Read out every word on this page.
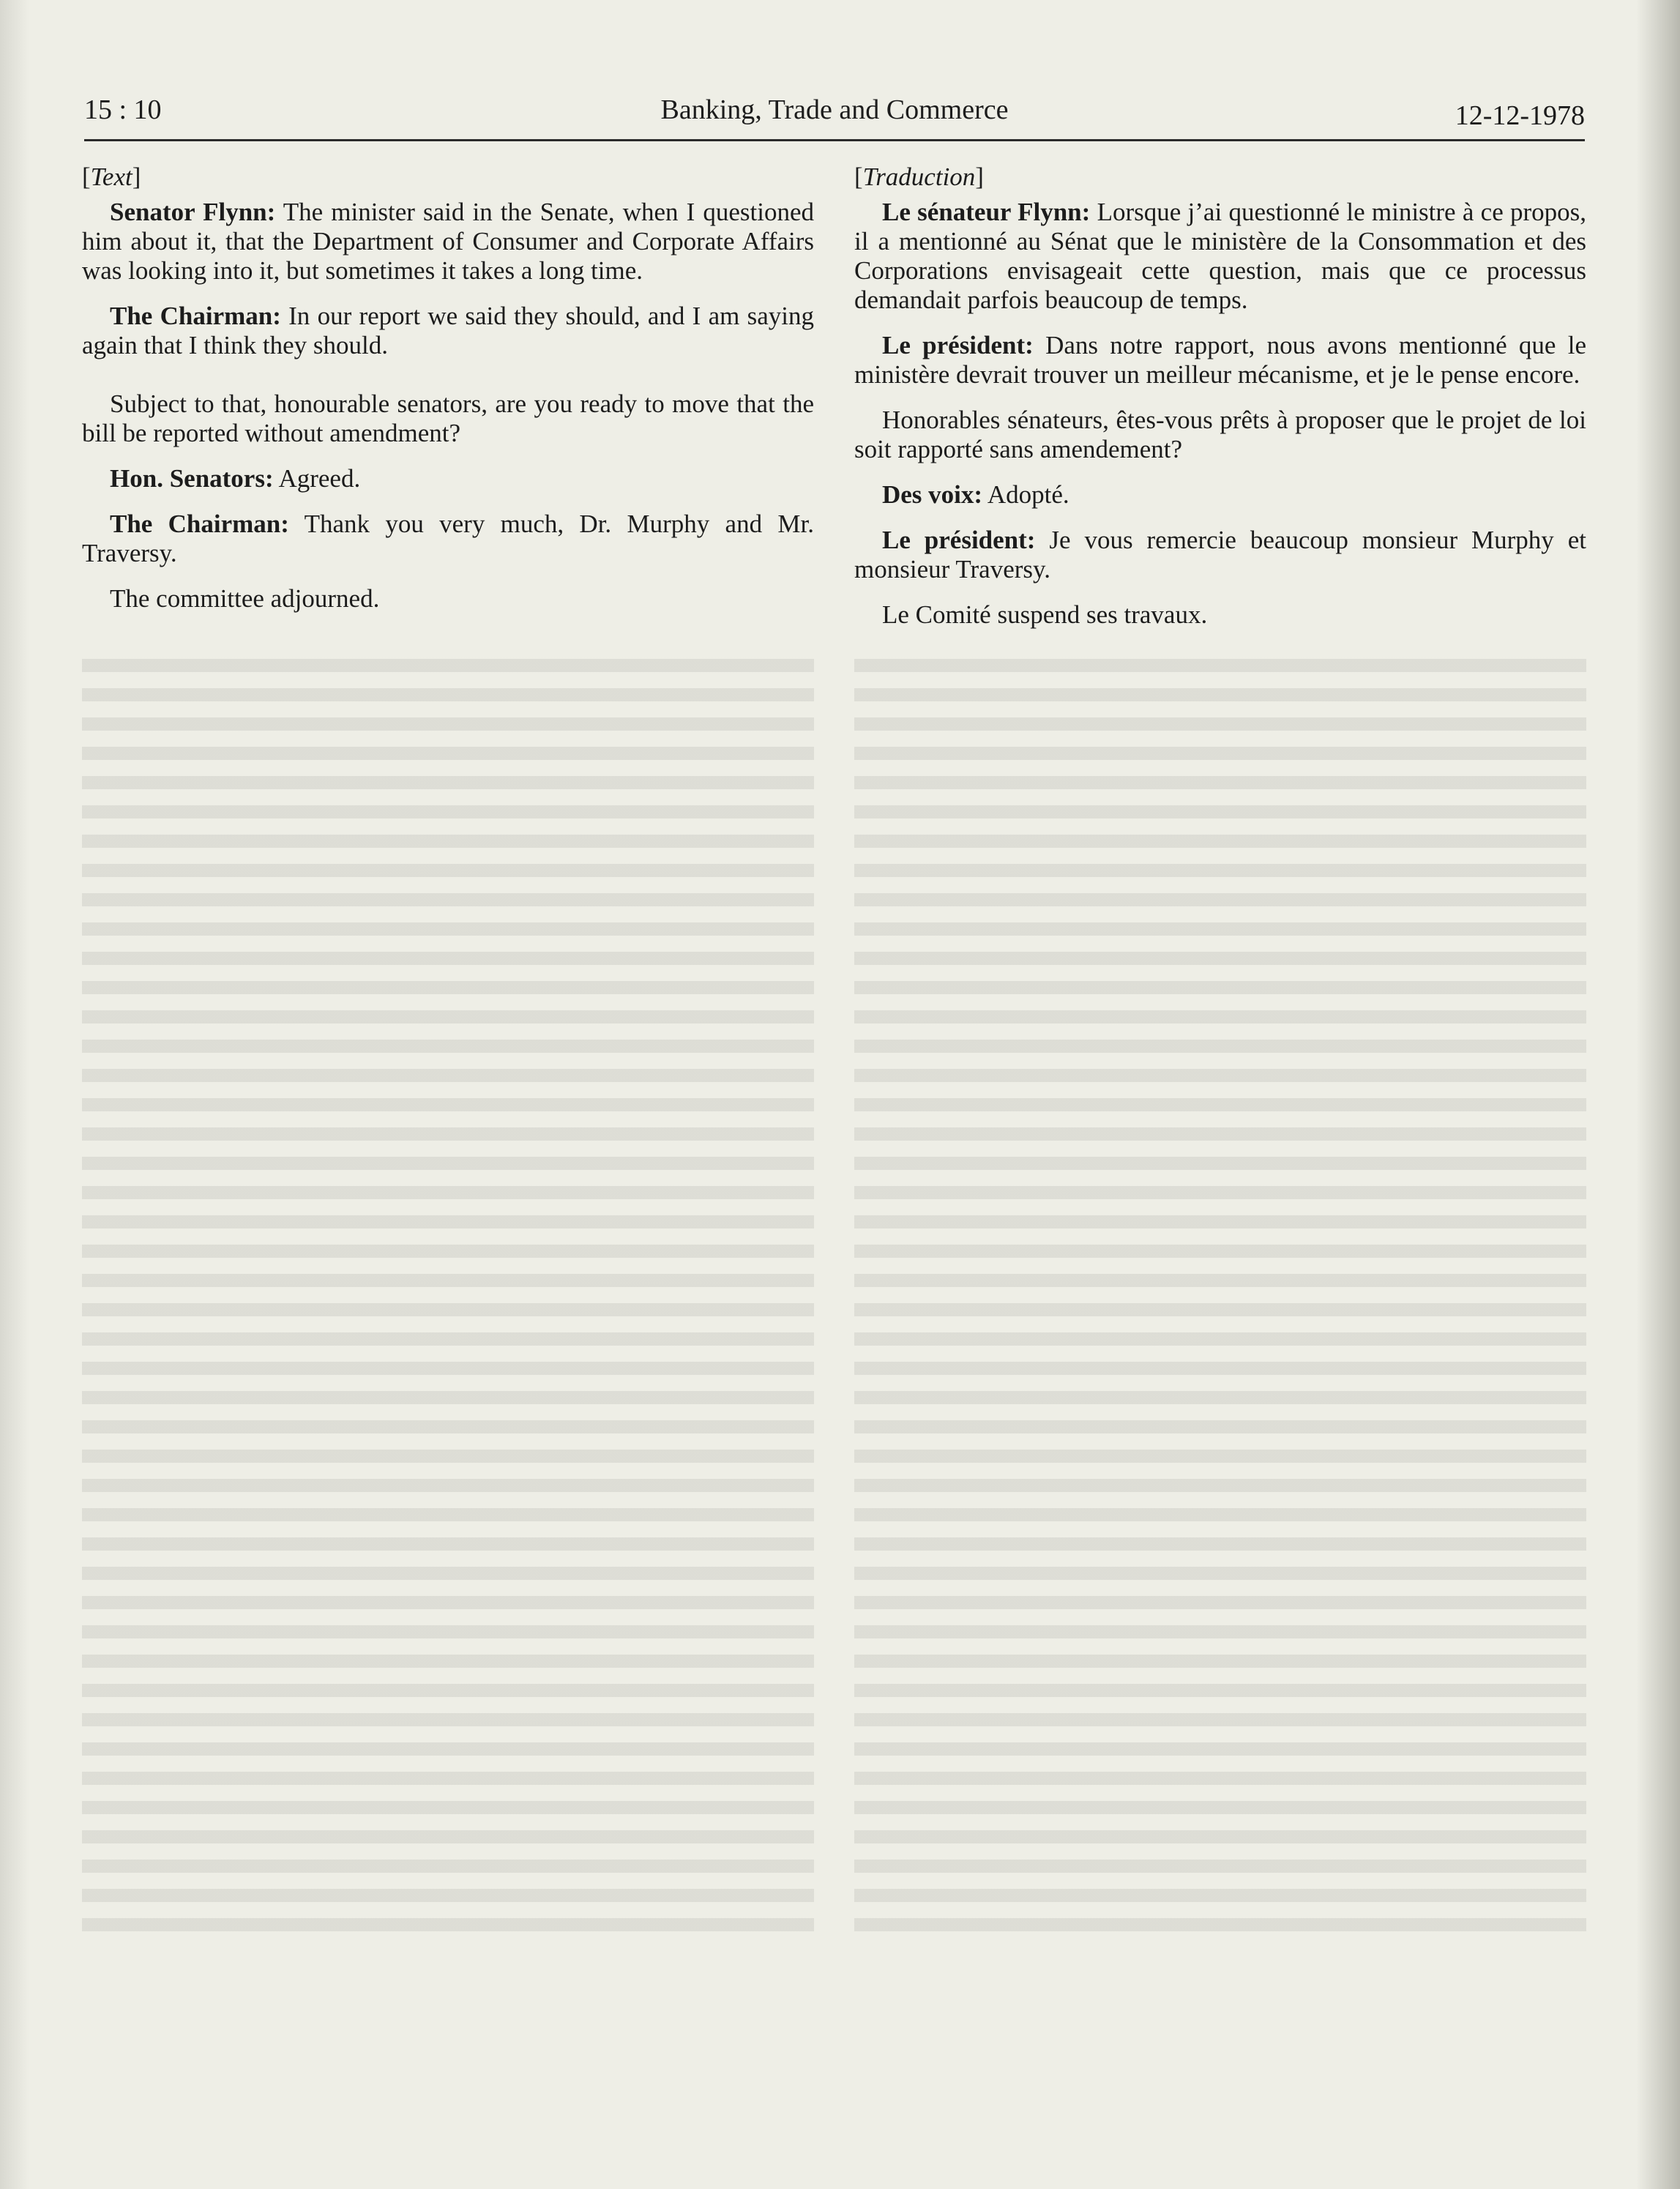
15 : 10	Banking, Trade and Commerce	12-12-1978
[Text]

Senator Flynn: The minister said in the Senate, when I questioned him about it, that the Department of Consumer and Corporate Affairs was looking into it, but sometimes it takes a long time.

The Chairman: In our report we said they should, and I am saying again that I think they should.

Subject to that, honourable senators, are you ready to move that the bill be reported without amendment?

Hon. Senators: Agreed.

The Chairman: Thank you very much, Dr. Murphy and Mr. Traversy.

The committee adjourned.

[Traduction]

Le sénateur Flynn: Lorsque j’ai questionné le ministre à ce propos, il a mentionné au Sénat que le ministère de la Consommation et des Corporations envisageait cette question, mais que ce processus demandait parfois beaucoup de temps.

Le président: Dans notre rapport, nous avons mentionné que le ministère devrait trouver un meilleur mécanisme, et je le pense encore.

Honorables sénateurs, êtes-vous prêts à proposer que le projet de loi soit rapporté sans amendement?

Des voix: Adopté.

Le président: Je vous remercie beaucoup monsieur Murphy et monsieur Traversy.

Le Comité suspend ses travaux.
